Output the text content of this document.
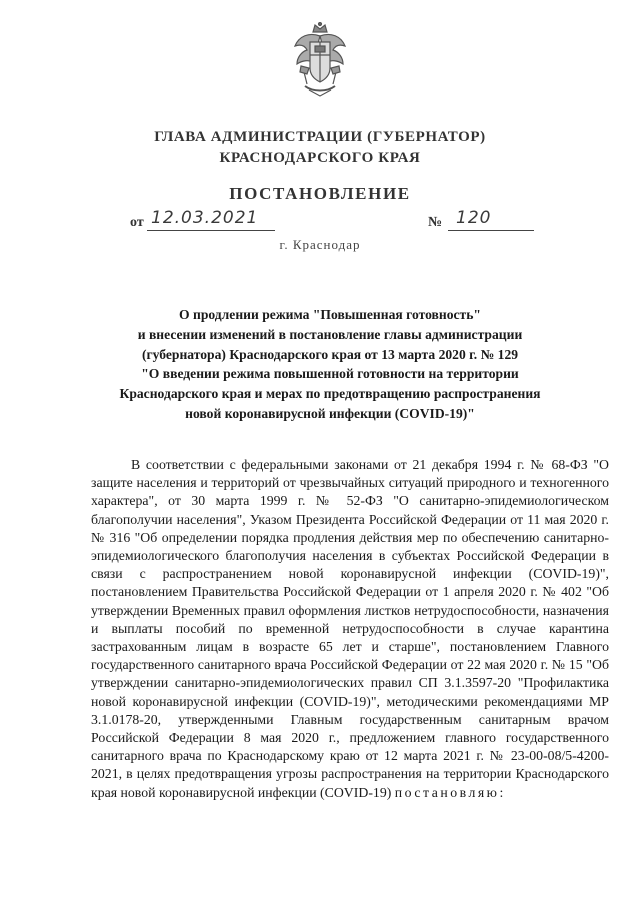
ГЛАВА АДМИНИСТРАЦИИ (ГУБЕРНАТОР)
КРАСНОДАРСКОГО КРАЯ
ПОСТАНОВЛЕНИЕ
от 12.03.2021	№ 120
г. Краснодар
О продлении режима "Повышенная готовность"
и внесении изменений в постановление главы администрации
(губернатора) Краснодарского края от 13 марта 2020 г. № 129
"О введении режима повышенной готовности на территории
Краснодарского края и мерах по предотвращению распространения
новой коронавирусной инфекции (COVID-19)"

В соответствии с федеральными законами от 21 декабря 1994 г. № 68-ФЗ "О защите населения и территорий от чрезвычайных ситуаций природного и техногенного характера", от 30 марта 1999 г. № 52-ФЗ "О санитарно-эпидемиологическом благополучии населения", Указом Президента Российской Федерации от 11 мая 2020 г. № 316 "Об определении порядка продления действия мер по обеспечению санитарно-эпидемиологического благополучия населения в субъектах Российской Федерации в связи с распространением новой коронавирусной инфекции (COVID-19)", постановлением Правительства Российской Федерации от 1 апреля 2020 г. № 402 "Об утверждении Временных правил оформления листков нетрудоспособности, назначения и выплаты пособий по временной нетрудоспособности в случае карантина застрахованным лицам в возрасте 65 лет и старше", постановлением Главного государственного санитарного врача Российской Федерации от 22 мая 2020 г. № 15 "Об утверждении санитарно-эпидемиологических правил СП 3.1.3597-20 "Профилактика новой коронавирусной инфекции (COVID-19)", методическими рекомендациями МР 3.1.0178-20, утвержденными Главным государственным санитарным врачом Российской Федерации 8 мая 2020 г., предложением главного государственного санитарного врача по Краснодарскому краю от 12 марта 2021 г. № 23-00-08/5-4200-2021, в целях предотвращения угрозы распространения на территории Краснодарского края новой коронавирусной инфекции (COVID-19) постановляю:
